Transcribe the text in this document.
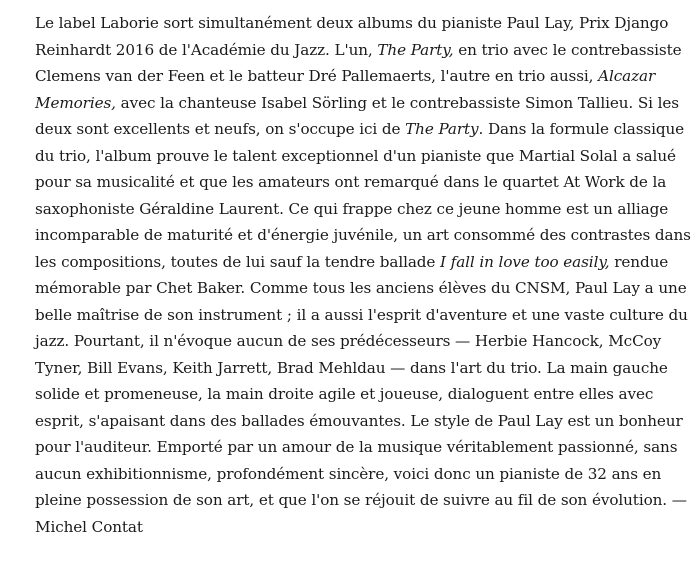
Le label Laborie sort simultanément deux albums du pianiste Paul Lay, Prix Django
Reinhardt 2016 de l'Académie du Jazz. L'un, The Party, en trio avec le contrebassiste
Clemens van der Feen et le batteur Dré Pallemaerts, l'autre en trio aussi, Alcazar
Memories, avec la chanteuse Isabel Sörling et le contrebassiste Simon Tallieu. Si les
deux sont excellents et neufs, on s'occupe ici de The Party. Dans la formule classique
du trio, l'album prouve le talent exceptionnel d'un pianiste que Martial Solal a salué
pour sa musicalité et que les amateurs ont remarqué dans le quartet At Work de la
saxophoniste Géraldine Laurent. Ce qui frappe chez ce jeune homme est un alliage
incomparable de maturité et d'énergie juvénile, un art consommé des contrastes dans
les compositions, toutes de lui sauf la tendre ballade I fall in love too easily, rendue
mémorable par Chet Baker. Comme tous les anciens élèves du CNSM, Paul Lay a une
belle maîtrise de son instrument ; il a aussi l'esprit d'aventure et une vaste culture du
jazz. Pourtant, il n'évoque aucun de ses prédécesseurs — Herbie Hancock, McCoy
Tyner, Bill Evans, Keith Jarrett, Brad Mehldau — dans l'art du trio. La main gauche
solide et promeneuse, la main droite agile et joueuse, dialoguent entre elles avec
esprit, s'apaisant dans des ballades émouvantes. Le style de Paul Lay est un bonheur
pour l'auditeur. Emporté par un amour de la musique véritablement passionné, sans
aucun exhibitionnisme, profondément sincère, voici donc un pianiste de 32 ans en
pleine possession de son art, et que l'on se réjouit de suivre au fil de son évolution. —
Michel Contat
